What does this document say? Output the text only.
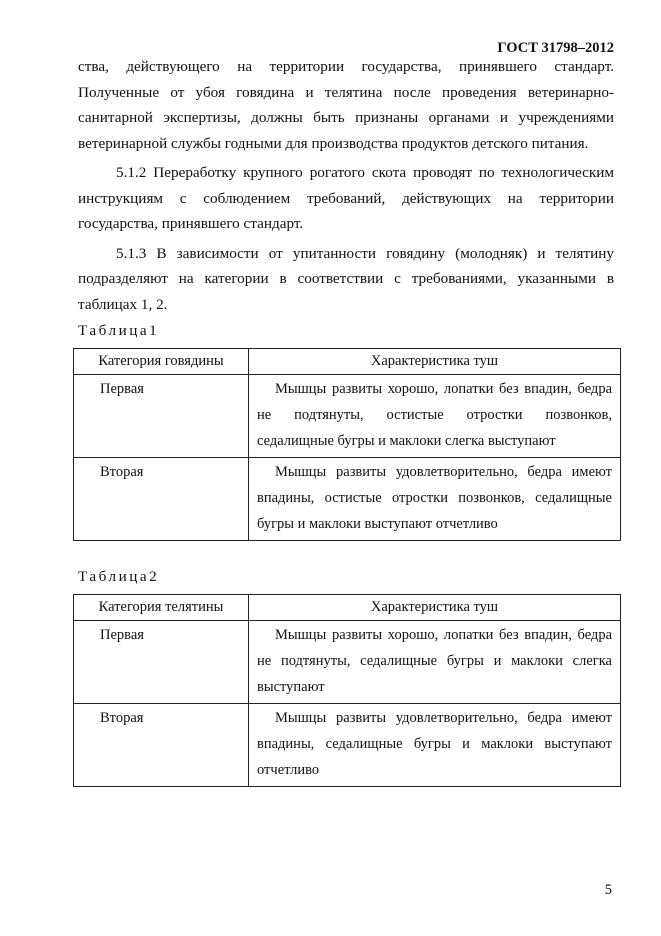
ГОСТ 31798–2012

ства, действующего на территории государства, принявшего стандарт. Полученные от убоя говядина и телятина после проведения ветеринарно-санитарной экспертизы, должны быть признаны органами и учреждениями ветеринарной службы годными для производства продуктов детского питания.

5.1.2 Переработку крупного рогатого скота проводят по технологическим инструкциям с соблюдением требований, действующих на территории государства, принявшего стандарт.

5.1.3 В зависимости от упитанности говядину (молодняк) и телятину подразделяют на категории в соответствии с требованиями, указанными в таблицах 1, 2.

Таблица1
Категория говядины	Характеристика туш
Первая	Мышцы развиты хорошо, лопатки без впадин, бедра не подтянуты, остистые отростки позвонков, седалищные бугры и маклоки слегка выступают
Вторая	Мышцы развиты удовлетворительно, бедра имеют впадины, остистые отростки позвонков, седалищные бугры и маклоки выступают отчетливо
Таблица2
Категория телятины	Характеристика туш
Первая	Мышцы развиты хорошо, лопатки без впадин, бедра не подтянуты, седалищные бугры и маклоки слегка выступают
Вторая	Мышцы развиты удовлетворительно, бедра имеют впадины, седалищные бугры и маклоки выступают отчетливо
5
